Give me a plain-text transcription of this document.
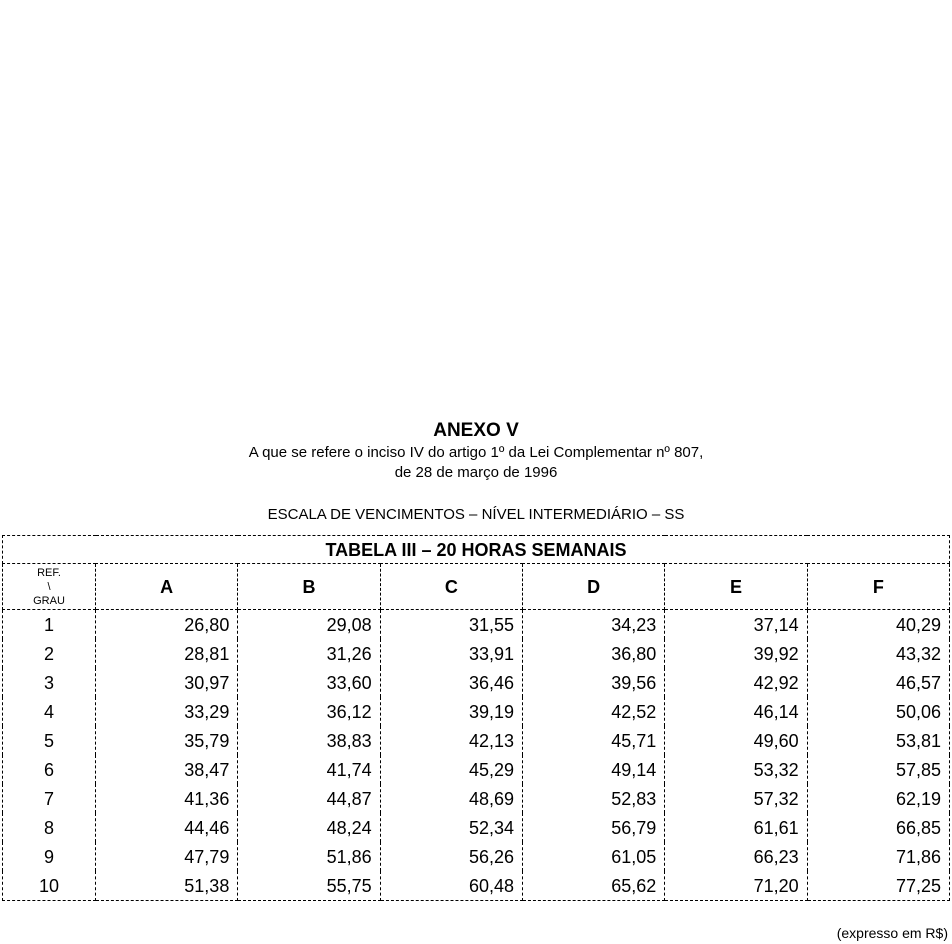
ANEXO V
A que se refere o inciso IV do artigo 1º da Lei Complementar nº 807,
de 28 de março de 1996
ESCALA DE VENCIMENTOS – NÍVEL INTERMEDIÁRIO – SS
TABELA III – 20 HORAS SEMANAIS						

REF.
\
GRAU	A	B	C	D	E	F
1	26,80	29,08	31,55	34,23	37,14	40,29
2	28,81	31,26	33,91	36,80	39,92	43,32
3	30,97	33,60	36,46	39,56	42,92	46,57
4	33,29	36,12	39,19	42,52	46,14	50,06
5	35,79	38,83	42,13	45,71	49,60	53,81
6	38,47	41,74	45,29	49,14	53,32	57,85
7	41,36	44,87	48,69	52,83	57,32	62,19
8	44,46	48,24	52,34	56,79	61,61	66,85
9	47,79	51,86	56,26	61,05	66,23	71,86
10	51,38	55,75	60,48	65,62	71,20	77,25
(expresso em R$)
